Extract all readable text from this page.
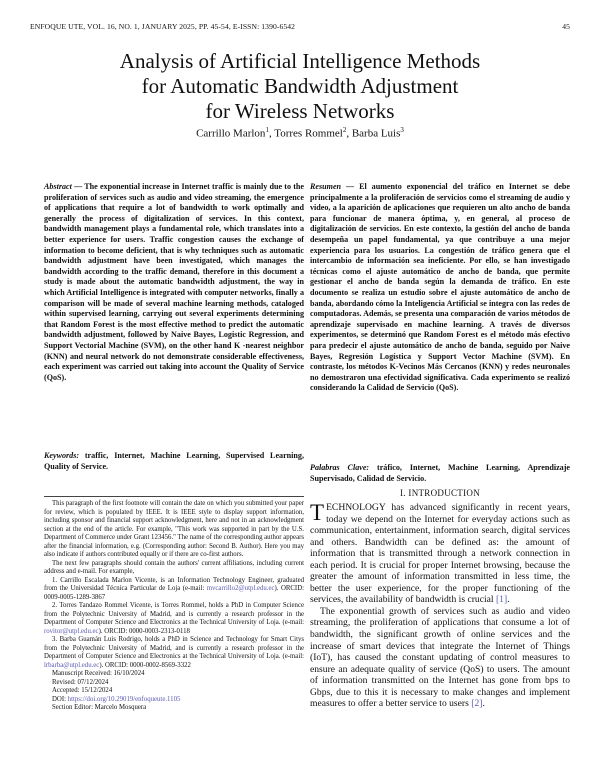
ENFOQUE UTE, VOL. 16, NO. 1, JANUARY 2025, PP. 45-54, E-ISSN: 1390-6542	45
Analysis of Artificial Intelligence Methods
for Automatic Bandwidth Adjustment
for Wireless Networks
Carrillo Marlon$^1$, Torres Rommel$^2$, Barba Luis$^3$
Abstract — The exponential increase in Internet traffic is mainly due to the proliferation of services such as audio and video streaming, the emergence of applications that require a lot of bandwidth to work optimally and generally the process of digitalization of services. In this context, bandwidth management plays a fundamental role, which translates into a better experience for users. Traffic congestion causes the exchange of information to become deficient, that is why techniques such as automatic bandwidth adjustment have been investigated, which manages the bandwidth according to the traffic demand, therefore in this document a study is made about the automatic bandwidth adjustment, the way in which Artificial Intelligence is integrated with computer networks, finally a comparison will be made of several machine learning methods, cataloged within supervised learning, carrying out several experiments determining that Random Forest is the most effective method to predict the automatic bandwidth adjustment, followed by Naive Bayes, Logistic Regression, and Support Vectorial Machine (SVM), on the other hand K -nearest neighbor (KNN) and neural network do not demonstrate considerable effectiveness, each experiment was carried out taking into account the Quality of Service (QoS).
Keywords: traffic, Internet, Machine Learning, Supervised Learning, Quality of Service.
Resumen — El aumento exponencial del tráfico en Internet se debe principalmente a la proliferación de servicios como el streaming de audio y video, a la aparición de aplicaciones que requieren un alto ancho de banda para funcionar de manera óptima, y, en general, al proceso de digitalización de servicios. En este contexto, la gestión del ancho de banda desempeña un papel fundamental, ya que contribuye a una mejor experiencia para los usuarios. La congestión de tráfico genera que el intercambio de información sea ineficiente. Por ello, se han investigado técnicas como el ajuste automático de ancho de banda, que permite gestionar el ancho de banda según la demanda de tráfico. En este documento se realiza un estudio sobre el ajuste automático de ancho de banda, abordando cómo la Inteligencia Artificial se integra con las redes de computadoras. Además, se presenta una comparación de varios métodos de aprendizaje supervisado en machine learning. A través de diversos experimentos, se determinó que Random Forest es el método más efectivo para predecir el ajuste automático de ancho de banda, seguido por Naive Bayes, Regresión Logística y Support Vector Machine (SVM). En contraste, los métodos K-Vecinos Más Cercanos (KNN) y redes neuronales no demostraron una efectividad significativa. Cada experimento se realizó considerando la Calidad de Servicio (QoS).
Palabras Clave: tráfico, Internet, Machine Learning, Aprendizaje Supervisado, Calidad de Servicio.

This paragraph of the first footnote will contain the date on which you submitted your paper for review, which is populated by IEEE. It is IEEE style to display support information, including sponsor and financial support acknowledgment, here and not in an acknowledgment section at the end of the article. For example, "This work was supported in part by the U.S. Department of Commerce under Grant 123456." The name of the corresponding author appears after the financial information, e.g. (Corresponding author: Second B. Author). Here you may also indicate if authors contributed equally or if there are co-first authors.

The next few paragraphs should contain the authors' current affiliations, including current address and e-mail. For example,

1. Carrillo Escalada Marlon Vicente, is an Information Technology Engineer, graduated from the Universidad Técnica Particular de Loja (e-mail: mvcarrillo2@utpl.edu.ec). ORCID: 0009-0005-1289-3867

2. Torres Tandazo Rommel Vicente, is Torres Rommel, holds a PhD in Computer Science from the Polytechnic University of Madrid, and is currently a research professor in the Department of Computer Science and Electronics at the Technical University of Loja. (e-mail: rovitor@utpl.edu.ec). ORCID: 0000-0003-2313-0118

3. Barba Guamán Luis Rodrigo, holds a PhD in Science and Technology for Smart Citys from the Polytechnic University of Madrid, and is currently a research professor in the Department of Computer Science and Electronics at the Technical University of Loja. (e-mail: lrbarba@utpl.edu.ec). ORCID: 0000-0002-8569-3322

Manuscript Received: 16/10/2024

Revised: 07/12/2024

Accepted: 15/12/2024

DOI: https://doi.org/10.29019/enfoqueute.1105

Section Editor: Marcelo Mosquera

I. INTRODUCTION

TECHNOLOGY has advanced significantly in recent years, today we depend on the Internet for everyday actions such as communication, entertainment, information search, digital services and others. Bandwidth can be defined as: the amount of information that is transmitted through a network connection in each period. It is crucial for proper Internet browsing, because the greater the amount of information transmitted in less time, the better the user experience, for the proper functioning of the services, the availability of bandwidth is crucial [1].

The exponential growth of services such as audio and video streaming, the proliferation of applications that consume a lot of bandwidth, the significant growth of online services and the increase of smart devices that integrate the Internet of Things (IoT), has caused the constant updating of control measures to ensure an adequate quality of service (QoS) to users. The amount of information transmitted on the Internet has gone from bps to Gbps, due to this it is necessary to make changes and implement measures to offer a better service to users [2].
